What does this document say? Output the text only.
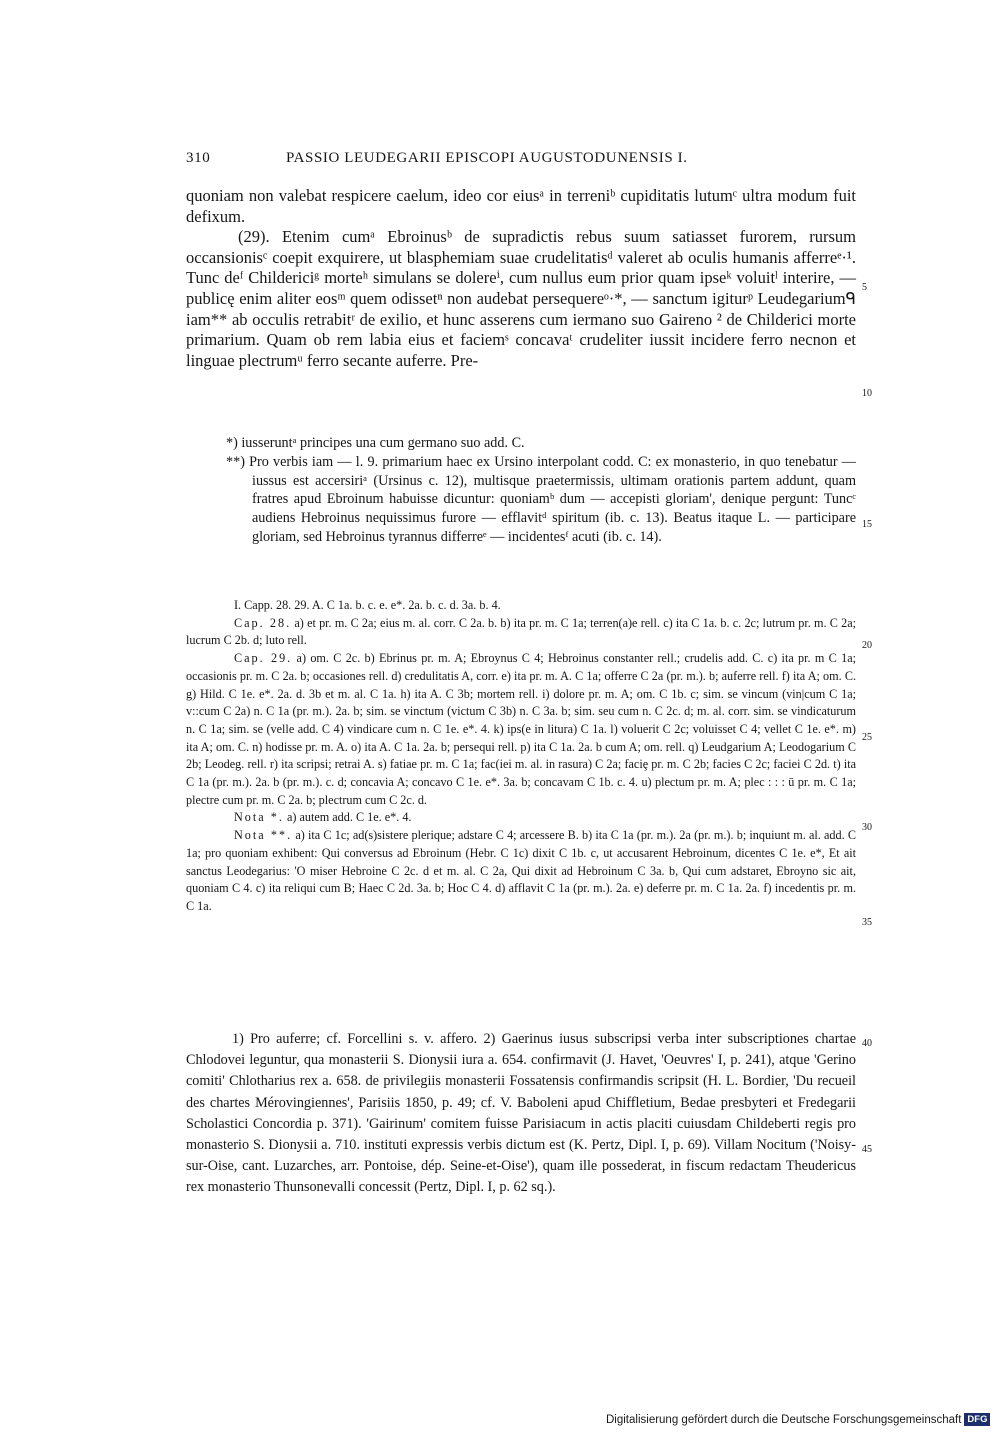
310	PASSIO LEUDEGARII EPISCOPI AUGUSTODUNENSIS I.

quoniam non valebat respicere caelum, ideo cor eiusᵃ in terreniᵇ cupiditatis lutumᶜ ultra modum fuit defixum.

(29). Etenim cumᵃ Ebroinusᵇ de supradictis rebus suum satiasset furorem, rursum occansionisᶜ coepit exquirere, ut blasphemiam suae crudelitatisᵈ valeret ab oculis humanis afferreᵉ·¹. Tunc deᶠ Childericiᵍ morteʰ simulans se dolereⁱ, cum nullus eum prior quam ipseᵏ voluitˡ interire, — publicę enim aliter eosᵐ quem odissetⁿ non audebat persequereᵒ·*, — sanctum igiturᵖ Leudegariumᑫ iam** ab occulis retrabitʳ de exilio, et hunc asserens cum iermano suo Gaireno ² de Childerici morte primarium. Quam ob rem labia eius et faciemˢ concavaᵗ crudeliter iussit incidere ferro necnon et linguae plectrumᵘ ferro secante auferre. Pre-

*) iusseruntᵃ principes una cum germano suo add. C.

**) Pro verbis iam — l. 9. primarium haec ex Ursino interpolant codd. C: ex monasterio, in quo tenebatur — iussus est accersiriᵃ (Ursinus c. 12), multisque praetermissis, ultimam orationis partem addunt, quam fratres apud Ebroinum habuisse dicuntur: quoniamᵇ dum — accepisti gloriam', denique pergunt: Tuncᶜ audiens Hebroinus nequissimus furore — efflavitᵈ spiritum (ib. c. 13). Beatus itaque L. — participare gloriam, sed Hebroinus tyrannus differreᵉ — incidentesᶠ acuti (ib. c. 14).

I. Capp. 28. 29. A. C 1a. b. c. e. e*. 2a. b. c. d. 3a. b. 4.

Cap. 28. a) et pr. m. C 2a; eius m. al. corr. C 2a. b. b) ita pr. m. C 1a; terren(a)e rell. c) ita C 1a. b. c. 2c; lutrum pr. m. C 2a; lucrum C 2b. d; luto rell.

Cap. 29. a) om. C 2c. b) Ebrinus pr. m. A; Ebroynus C 4; Hebroinus constanter rell.; crudelis add. C. c) ita pr. m C 1a; occasionis pr. m. C 2a. b; occasiones rell. d) credulitatis A, corr. e) ita pr. m. A. C 1a; offerre C 2a (pr. m.). b; auferre rell. f) ita A; om. C. g) Hild. C 1e. e*. 2a. d. 3b et m. al. C 1a. h) ita A. C 3b; mortem rell. i) dolore pr. m. A; om. C 1b. c; sim. se vincum (vin|cum C 1a; v::cum C 2a) n. C 1a (pr. m.). 2a. b; sim. se vinctum (victum C 3b) n. C 3a. b; sim. seu cum n. C 2c. d; m. al. corr. sim. se vindicaturum n. C 1a; sim. se (velle add. C 4) vindicare cum n. C 1e. e*. 4. k) ips(e in litura) C 1a. l) voluerit C 2c; voluisset C 4; vellet C 1e. e*. m) ita A; om. C. n) hodisse pr. m. A. o) ita A. C 1a. 2a. b; persequi rell. p) ita C 1a. 2a. b cum A; om. rell. q) Leudgarium A; Leodogarium C 2b; Leodeg. rell. r) ita scripsi; retrai A. s) fatiae pr. m. C 1a; fac(iei m. al. in rasura) C 2a; faciȩ pr. m. C 2b; facies C 2c; faciei C 2d. t) ita C 1a (pr. m.). 2a. b (pr. m.). c. d; concavia A; concavo C 1e. e*. 3a. b; concavam C 1b. c. 4. u) plectum pr. m. A; plec : : : ū pr. m. C 1a; plectre cum pr. m. C 2a. b; plectrum cum C 2c. d.

Nota *. a) autem add. C 1e. e*. 4.

Nota **. a) ita C 1c; ad(s)sistere plerique; adstare C 4; arcessere B. b) ita C 1a (pr. m.). 2a (pr. m.). b; inquiunt m. al. add. C 1a; pro quoniam exhibent: Qui conversus ad Ebroinum (Hebr. C 1c) dixit C 1b. c, ut accusarent Hebroinum, dicentes C 1e. e*, Et ait sanctus Leodegarius: 'O miser Hebroine C 2c. d et m. al. C 2a, Qui dixit ad Hebroinum C 3a. b, Qui cum adstaret, Ebroyno sic ait, quoniam C 4. c) ita reliqui cum B; Haec C 2d. 3a. b; Hoc C 4. d) afflavit C 1a (pr. m.). 2a. e) deferre pr. m. C 1a. 2a. f) incedentis pr. m. C 1a.

1) Pro auferre; cf. Forcellini s. v. affero. 2) Gaerinus iusus subscripsi verba inter subscriptiones chartae Chlodovei leguntur, qua monasterii S. Dionysii iura a. 654. confirmavit (J. Havet, 'Oeuvres' I, p. 241), atque 'Gerino comiti' Chlotharius rex a. 658. de privilegiis monasterii Fossatensis confirmandis scripsit (H. L. Bordier, 'Du recueil des chartes Mérovingiennes', Parisiis 1850, p. 49; cf. V. Baboleni apud Chiffletium, Bedae presbyteri et Fredegarii Scholastici Concordia p. 371). 'Gairinum' comitem fuisse Parisiacum in actis placiti cuiusdam Childeberti regis pro monasterio S. Dionysii a. 710. instituti expressis verbis dictum est (K. Pertz, Dipl. I, p. 69). Villam Nocitum ('Noisy-sur-Oise, cant. Luzarches, arr. Pontoise, dép. Seine-et-Oise'), quam ille possederat, in fiscum redactam Theudericus rex monasterio Thunsonevalli concessit (Pertz, Dipl. I, p. 62 sq.).

5
10
15
20
25
30
35
40
45
Digitalisierung gefördert durch die Deutsche Forschungsgemeinschaft DFG
